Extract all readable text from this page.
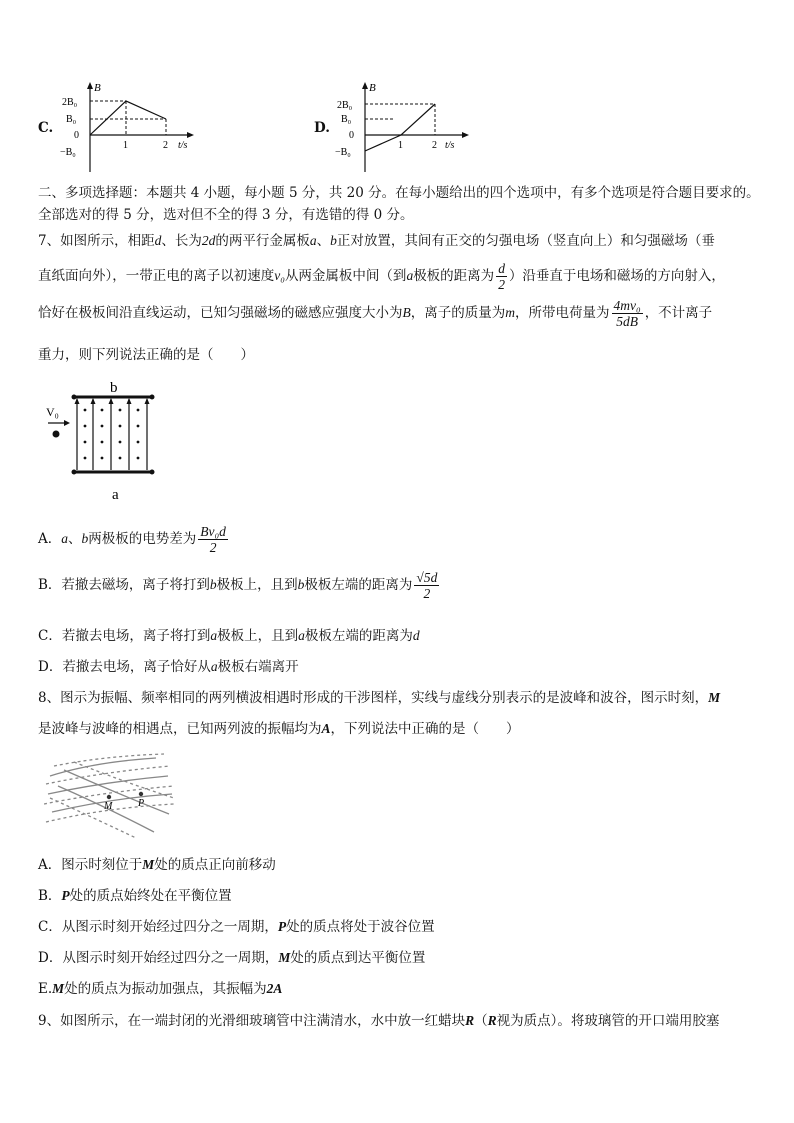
C.
B
2B₀
B₀
0
−B₀
1	2 t/s
D.
B
2B₀
B₀
0
−B₀
1	2 t/s
二、多项选择题：本题共 4 小题，每小题 5 分，共 20 分。在每小题给出的四个选项中，有多个选项是符合题目要求的。
全部选对的得 5 分，选对但不全的得 3 分，有选错的得 0 分。
7、如图所示，相距d、长为2d的两平行金属板a、b正对放置，其间有正交的匀强电场（竖直向上）和匀强磁场（垂
直纸面向外），一带正电的离子以初速度v₀从两金属板中间（到a极板的距离为 $\frac{d}{2}$ ）沿垂直于电场和磁场的方向射入，
恰好在极板间沿直线运动，已知匀强磁场的磁感应强度大小为B，离子的质量为m，所带电荷量为 $\frac{\text{4mv₀}}{5dB}$ ，不计离子
重力，则下列说法正确的是（　　）
b
V₀
a
A．a、b两极板的电势差为 $\frac{\text{Bv₀d}}{2}$
B．若撤去磁场，离子将打到b极板上，且到b极板左端的距离为 $\frac{√5d}{2}$
C．若撤去电场，离子将打到a极板上，且到a极板左端的距离为d
D．若撤去电场，离子恰好从a极板右端离开
8、图示为振幅、频率相同的两列横波相遇时形成的干涉图样，实线与虚线分别表示的是波峰和波谷，图示时刻，M
是波峰与波峰的相遇点，已知两列波的振幅均为A，下列说法中正确的是（　　）
M	P
A．图示时刻位于M处的质点正向前移动
B．P处的质点始终处在平衡位置
C．从图示时刻开始经过四分之一周期，P处的质点将处于波谷位置
D．从图示时刻开始经过四分之一周期，M处的质点到达平衡位置
E.M处的质点为振动加强点，其振幅为2A
9、如图所示，在一端封闭的光滑细玻璃管中注满清水，水中放一红蜡块R（R视为质点）。将玻璃管的开口端用胶塞
